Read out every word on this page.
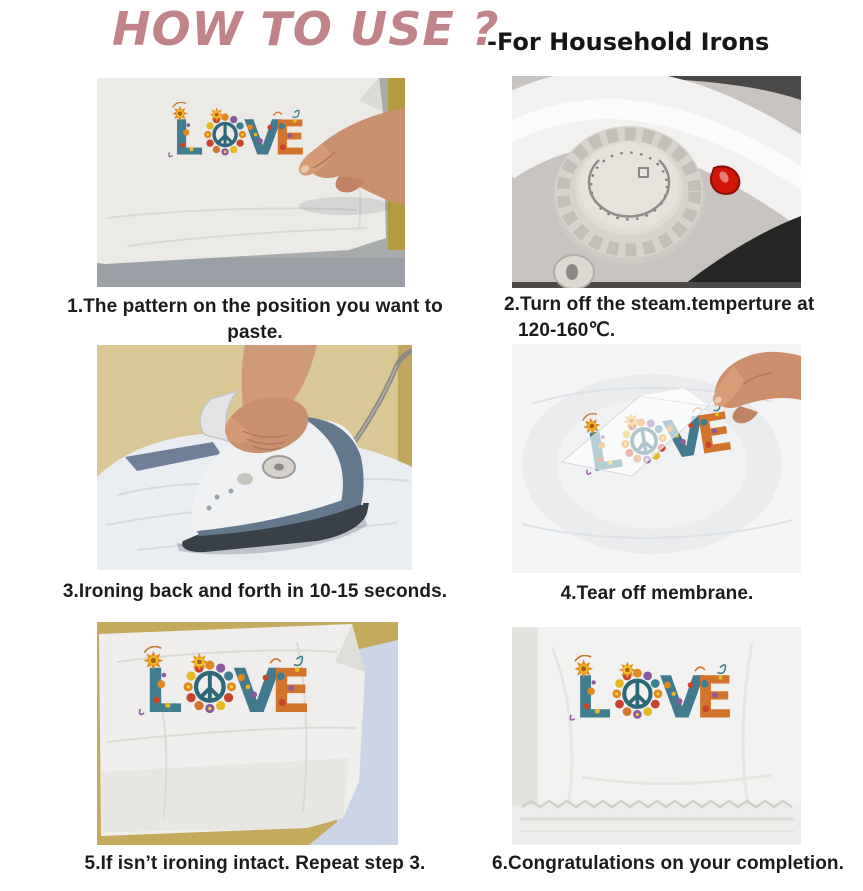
HOW TO USE ?
-For Household Irons
1.The pattern on the position you want to paste.
2.Turn off the steam.temperture at
120-160℃.
3.Ironing back and forth in 10-15 seconds.	4.Tear off membrane.
5.If isn’t ironing intact. Repeat step 3.	6.Congratulations on your completion.
